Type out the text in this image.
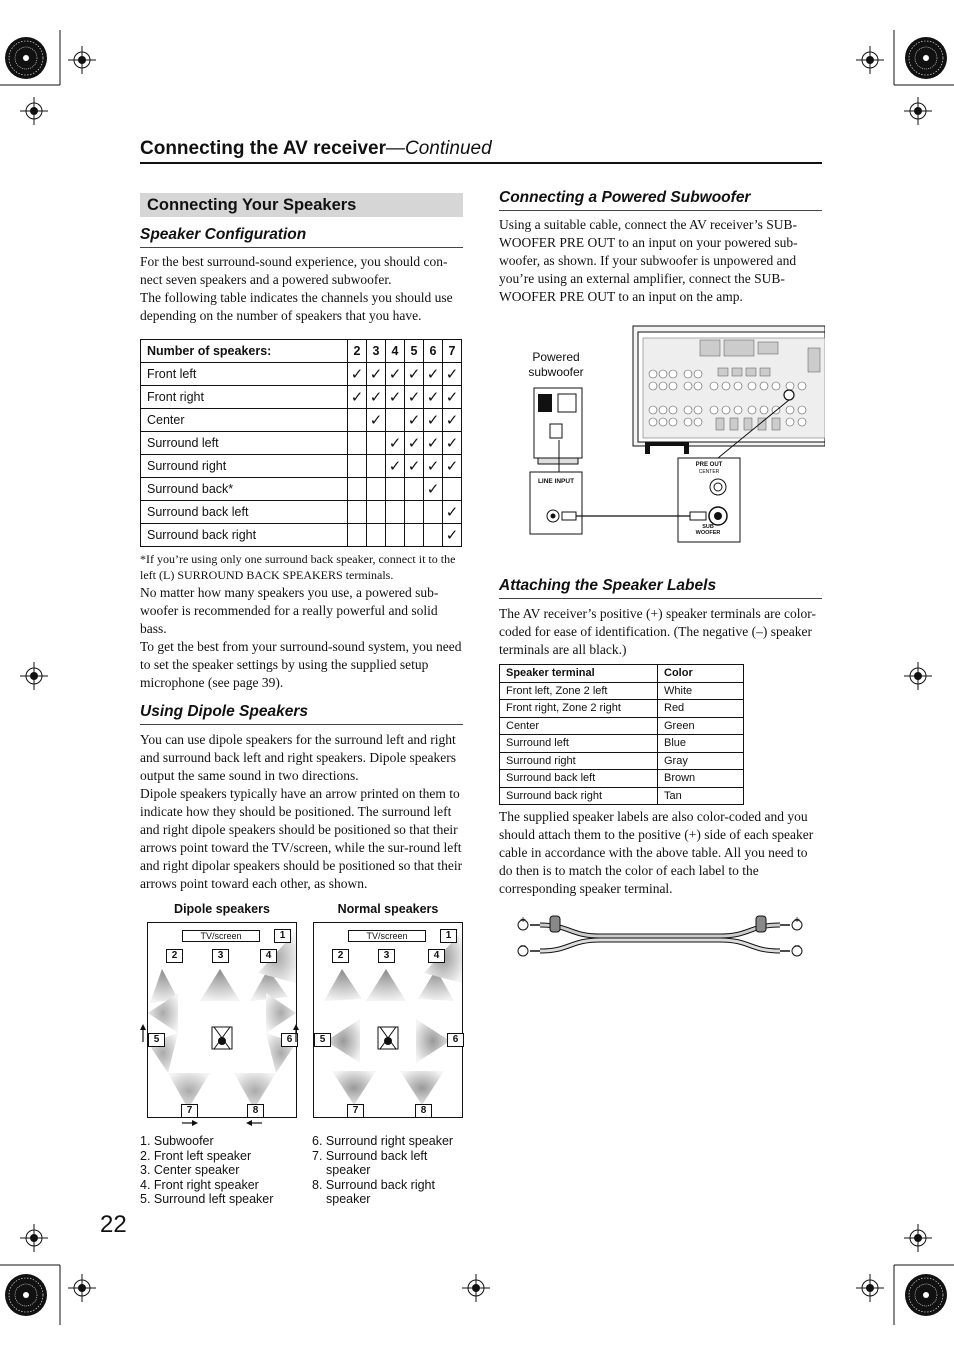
Connecting the AV receiver—Continued
Connecting Your Speakers
Speaker Configuration

For the best surround-sound experience, you should con-nect seven speakers and a powered subwoofer.

The following table indicates the channels you should use depending on the number of speakers that you have.

Number of speakers:	2	3	4	5	6	7
Front left	✓	✓	✓	✓	✓	✓
Front right	✓	✓	✓	✓	✓	✓
Center		✓		✓	✓	✓
Surround left			✓	✓	✓	✓
Surround right			✓	✓	✓	✓
Surround back*					✓	
Surround back left						✓
Surround back right						✓
*If you’re using only one surround back speaker, connect it to the left (L) SURROUND BACK SPEAKERS terminals.

No matter how many speakers you use, a powered sub-woofer is recommended for a really powerful and solid bass.

To get the best from your surround-sound system, you need to set the speaker settings by using the supplied setup microphone (see page 39).

Using Dipole Speakers

You can use dipole speakers for the surround left and right and surround back left and right speakers. Dipole speakers output the same sound in two directions.

Dipole speakers typically have an arrow printed on them to indicate how they should be positioned. The surround left and right dipole speakers should be positioned so that their arrows point toward the TV/screen, while the sur-round left and right dipolar speakers should be positioned so that their arrows point toward each other, as shown.

Dipole speakers	Normal speakers
TV/screen	1
2	3	4
5	6
7	8
TV/screen	1
2	3	4
5	6
7	8
1. Subwoofer
2. Front left speaker
3. Center speaker
4. Front right speaker
5. Surround left speaker
6. Surround right speaker
7. Surround back left
speaker
8. Surround back right
speaker
22
Connecting a Powered Subwoofer
Using a suitable cable, connect the AV receiver’s SUB-WOOFER PRE OUT to an input on your powered sub-woofer, as shown. If your subwoofer is unpowered and you’re using an external amplifier, connect the SUB-WOOFER PRE OUT to an input on the amp.
Powered
subwoofer
LINE INPUT
PRE OUT
CENTER
SUB
WOOFER
Attaching the Speaker Labels
The AV receiver’s positive (+) speaker terminals are color-coded for ease of identification. (The negative (–) speaker terminals are all black.)
Speaker terminal	Color
Front left, Zone 2 left	White
Front right, Zone 2 right	Red
Center	Green
Surround left	Blue
Surround right	Gray
Surround back left	Brown
Surround back right	Tan
The supplied speaker labels are also color-coded and you should attach them to the positive (+) side of each speaker cable in accordance with the above table. All you need to do then is to match the color of each label to the corresponding speaker terminal.
+
−
+
−
